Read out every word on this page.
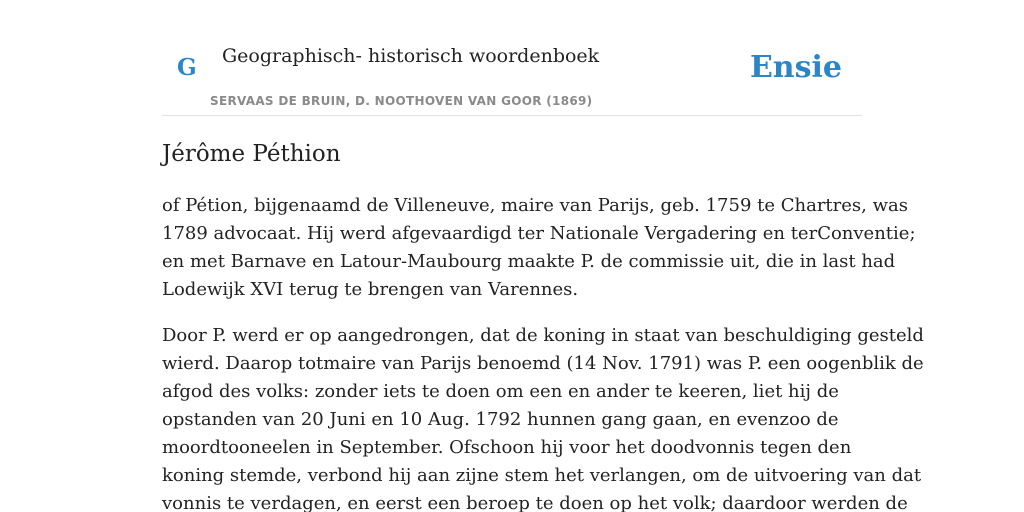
G Geographisch- historisch woordenboek
SERVAAS DE BRUIN, D. NOOTHOVEN VAN GOOR (1869)
Ensie
Jérôme Péthion

of Pétion, bijgenaamd de Villeneuve, maire van Parijs, geb. 1759 te Chartres, was
1789 advocaat. Hij werd afgevaardigd ter Nationale Vergadering en terConventie;
en met Barnave en Latour-Maubourg maakte P. de commissie uit, die in last had
Lodewijk XVI terug te brengen van Varennes.

Door P. werd er op aangedrongen, dat de koning in staat van beschuldiging gesteld
wierd. Daarop totmaire van Parijs benoemd (14 Nov. 1791) was P. een oogenblik de
afgod des volks: zonder iets te doen om een en ander te keeren, liet hij de
opstanden van 20 Juni en 10 Aug. 1792 hunnen gang gaan, en evenzoo de
moordtooneelen in September. Ofschoon hij voor het doodvonnis tegen den
koning stemde, verbond hij aan zijne stem het verlangen, om de uitvoering van dat
vonnis te verdagen, en eerst een beroep te doen op het volk; daardoor werden de
